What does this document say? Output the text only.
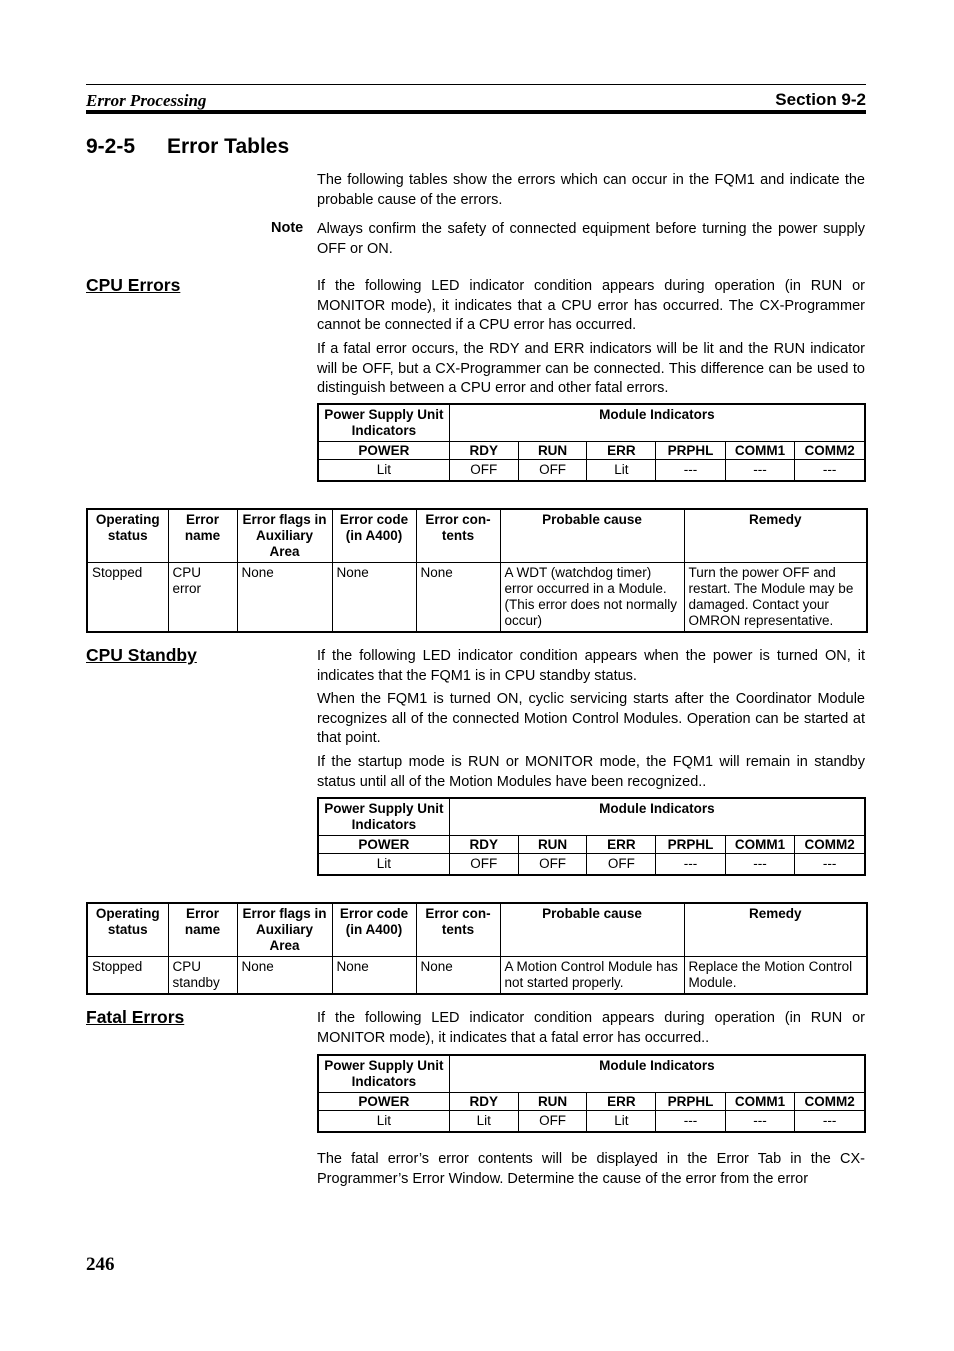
Error Processing	Section 9-2
9-2-5 Error Tables

The following tables show the errors which can occur in the FQM1 and indicate the probable cause of the errors.

Note Always confirm the safety of connected equipment before turning the power supply OFF or ON.

CPU Errors	If the following LED indicator condition appears during operation (in RUN or MONITOR mode), it indicates that a CPU error has occurred. The CX-Programmer cannot be connected if a CPU error has occurred.

If a fatal error occurs, the RDY and ERR indicators will be lit and the RUN indicator will be OFF, but a CX-Programmer can be connected. This difference can be used to distinguish between a CPU error and other fatal errors.

Power Supply Unit Indicators	Module Indicators					
POWER	RDY	RUN	ERR	PRPHL	COMM1	COMM2
Lit	OFF	OFF	Lit	---	---	---
Operating status	Error name	Error flags in Auxiliary Area	Error code (in A400)	Error con-tents	Probable cause	Remedy
Stopped	CPU error	None	None	None	A WDT (watchdog timer) error occurred in a Module. (This error does not normally occur)	Turn the power OFF and restart. The Module may be damaged. Contact your OMRON representative.
CPU Standby	If the following LED indicator condition appears when the power is turned ON, it indicates that the FQM1 is in CPU standby status.

When the FQM1 is turned ON, cyclic servicing starts after the Coordinator Module recognizes all of the connected Motion Control Modules. Operation can be started at that point.

If the startup mode is RUN or MONITOR mode, the FQM1 will remain in standby status until all of the Motion Modules have been recognized..

Power Supply Unit Indicators	Module Indicators					
POWER	RDY	RUN	ERR	PRPHL	COMM1	COMM2
Lit	OFF	OFF	OFF	---	---	---
Operating status	Error name	Error flags in Auxiliary Area	Error code (in A400)	Error con-tents	Probable cause	Remedy
Stopped	CPU standby	None	None	None	A Motion Control Module has not started properly.	Replace the Motion Control Module.
Fatal Errors	If the following LED indicator condition appears during operation (in RUN or MONITOR mode), it indicates that a fatal error has occurred..

Power Supply Unit Indicators	Module Indicators					
POWER	RDY	RUN	ERR	PRPHL	COMM1	COMM2
Lit	Lit	OFF	Lit	---	---	---

The fatal error’s error contents will be displayed in the Error Tab in the CX-Programmer’s Error Window. Determine the cause of the error from the error

246
